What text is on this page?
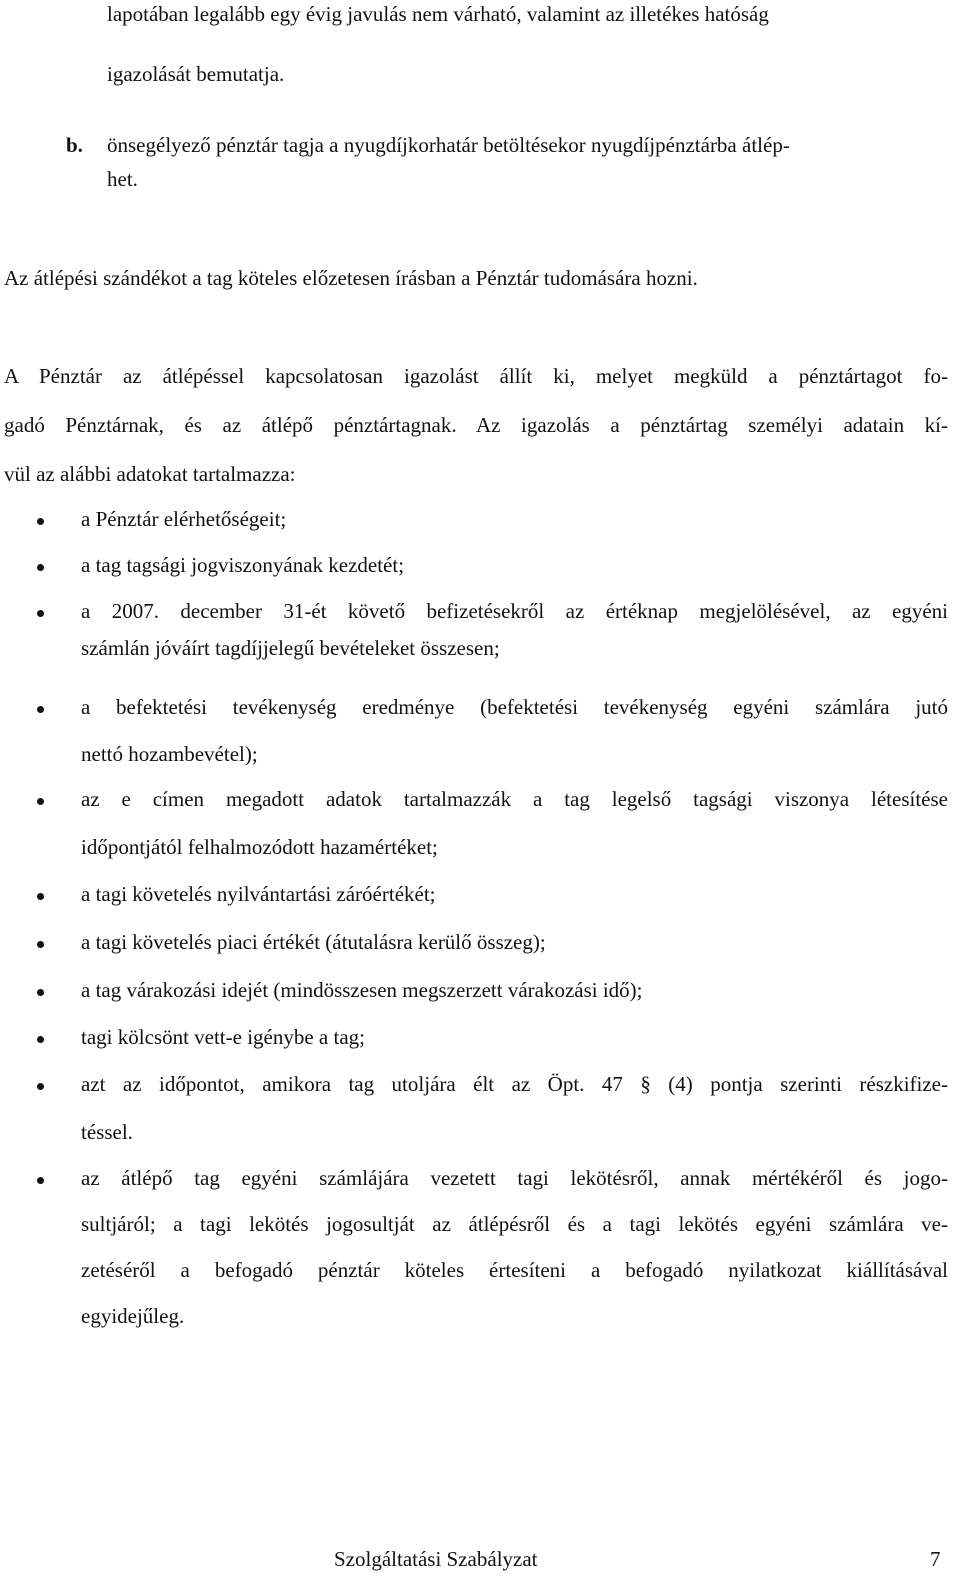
lapotában legalább egy évig javulás nem várható, valamint az illetékes hatóság
igazolását bemutatja.
b. önsegélyező pénztár tagja a nyugdíjkorhatár betöltésekor nyugdíjpénztárba átlép-
het.
Az átlépési szándékot a tag köteles előzetesen írásban a Pénztár tudomására hozni.
A Pénztár az átlépéssel kapcsolatosan igazolást állít ki, melyet megküld a pénztártagot fo-
gadó Pénztárnak, és az átlépő pénztártagnak. Az igazolás a pénztártag személyi adatain kí-
vül az alábbi adatokat tartalmazza:
a Pénztár elérhetőségeit;
a tag tagsági jogviszonyának kezdetét;
a 2007. december 31-ét követő befizetésekről az értéknap megjelölésével, az egyéni
számlán jóváírt tagdíjjelegű bevételeket összesen;
a befektetési tevékenység eredménye (befektetési tevékenység egyéni számlára jutó
nettó hozambevétel);
az e címen megadott adatok tartalmazzák a tag legelső tagsági viszonya létesítése
időpontjától felhalmozódott hazamértéket;
a tagi követelés nyilvántartási záróértékét;
a tagi követelés piaci értékét (átutalásra kerülő összeg);
a tag várakozási idejét (mindösszesen megszerzett várakozási idő);
tagi kölcsönt vett-e igénybe a tag;
azt az időpontot, amikora tag utoljára élt az Öpt. 47 § (4) pontja szerinti részkifize-
téssel.
az átlépő tag egyéni számlájára vezetett tagi lekötésről, annak mértékéről és jogo-
sultjáról; a tagi lekötés jogosultját az átlépésről és a tagi lekötés egyéni számlára ve-
zetéséről a befogadó pénztár köteles értesíteni a befogadó nyilatkozat kiállításával
egyidejűleg.
Szolgáltatási Szabályzat	7
